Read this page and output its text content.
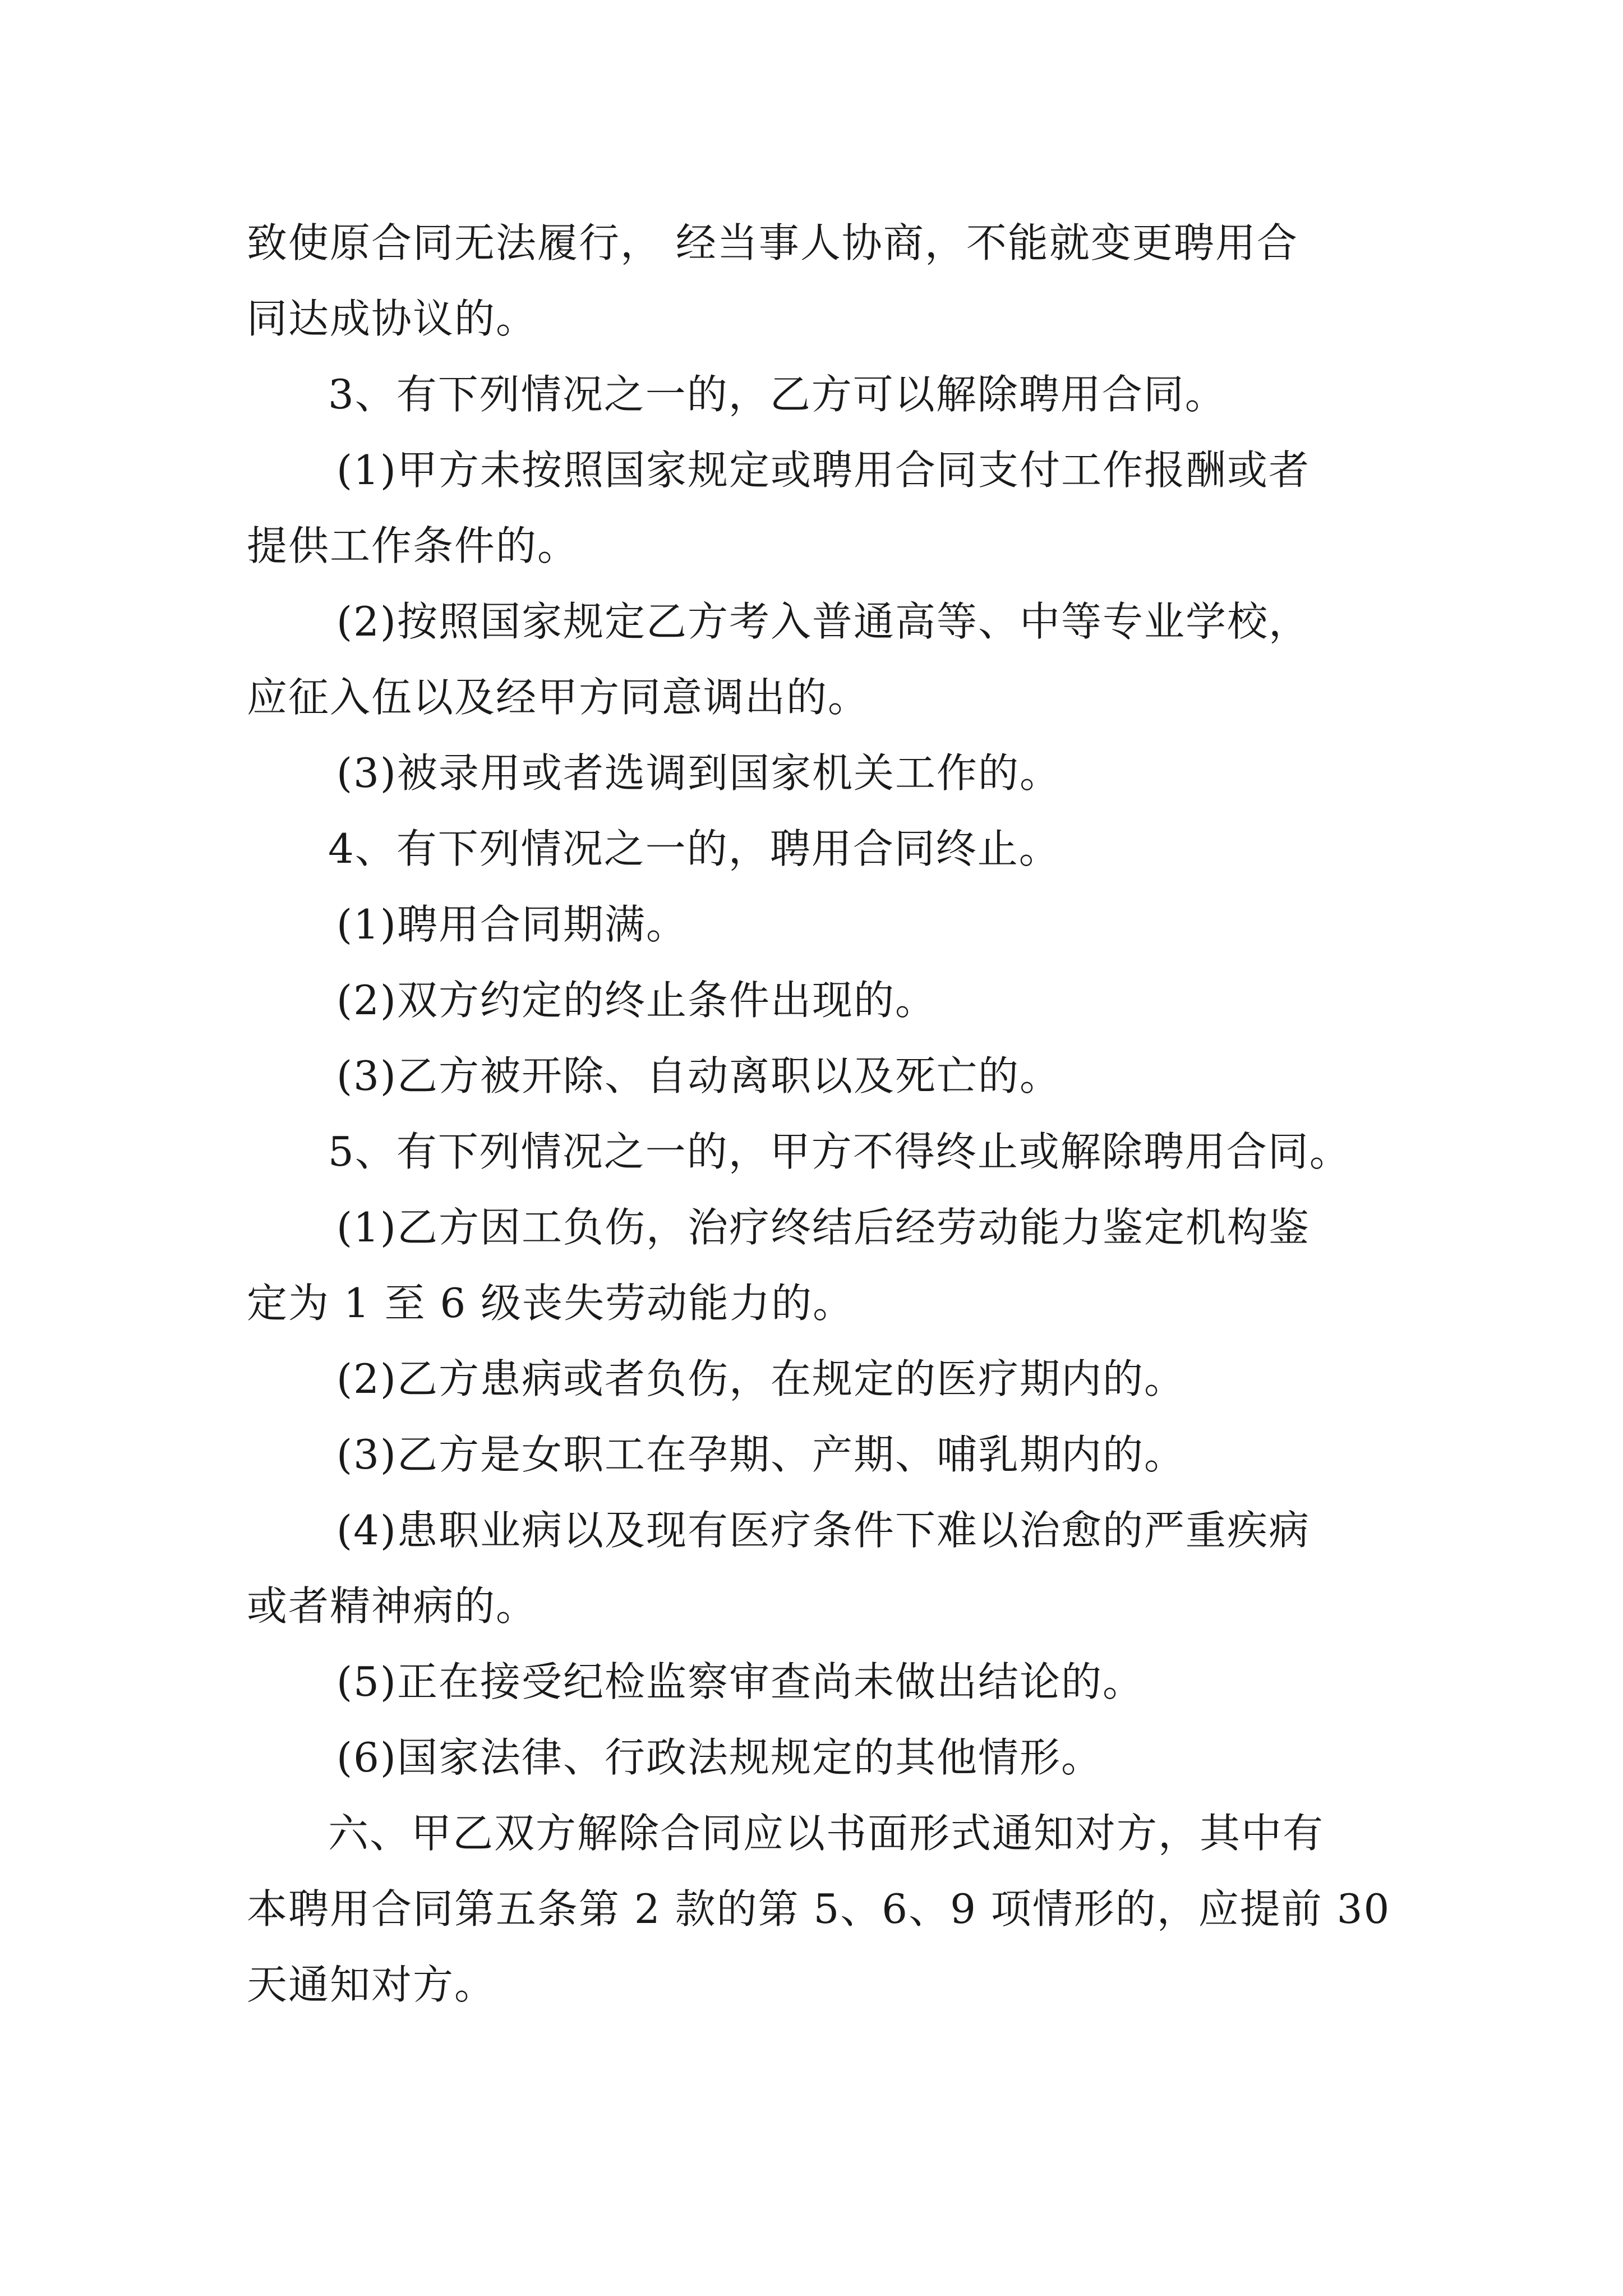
致使原合同无法履行， 经当事人协商，不能就变更聘用合

同达成协议的。

3、有下列情况之一的，乙方可以解除聘用合同。

(1)甲方未按照国家规定或聘用合同支付工作报酬或者

提供工作条件的。

(2)按照国家规定乙方考入普通高等、中等专业学校，

应征入伍以及经甲方同意调出的。

(3)被录用或者选调到国家机关工作的。

4、有下列情况之一的，聘用合同终止。

(1)聘用合同期满。

(2)双方约定的终止条件出现的。

(3)乙方被开除、自动离职以及死亡的。

5、有下列情况之一的，甲方不得终止或解除聘用合同。

(1)乙方因工负伤，治疗终结后经劳动能力鉴定机构鉴

定为 1 至 6 级丧失劳动能力的。

(2)乙方患病或者负伤，在规定的医疗期内的。

(3)乙方是女职工在孕期、产期、哺乳期内的。

(4)患职业病以及现有医疗条件下难以治愈的严重疾病

或者精神病的。

(5)正在接受纪检监察审查尚未做出结论的。

(6)国家法律、行政法规规定的其他情形。

六、甲乙双方解除合同应以书面形式通知对方，其中有

本聘用合同第五条第 2 款的第 5、6、9 项情形的，应提前 30

天通知对方。
